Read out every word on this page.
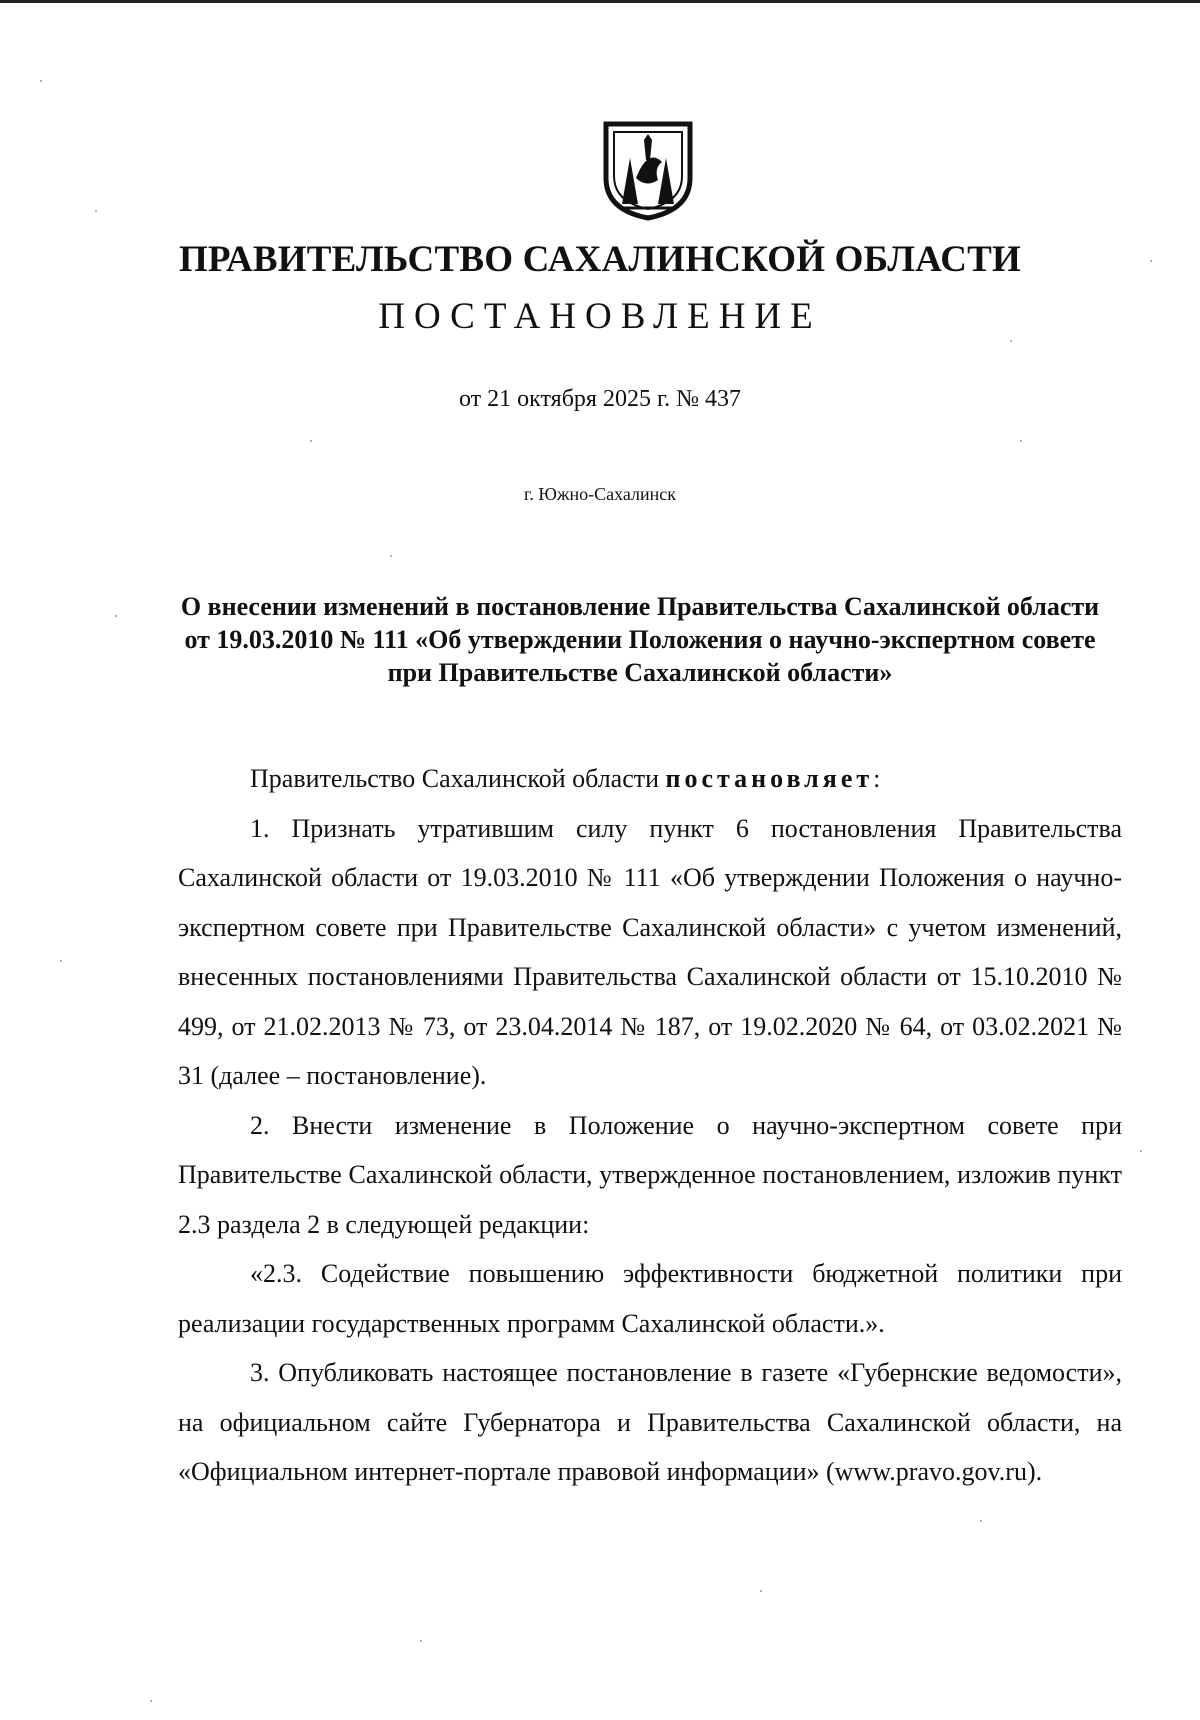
ПРАВИТЕЛЬСТВО САХАЛИНСКОЙ ОБЛАСТИ
ПОСТАНОВЛЕНИЕ
от 21 октября 2025 г. № 437
г. Южно-Сахалинск
О внесении изменений в постановление Правительства Сахалинской области от 19.03.2010 № 111 «Об утверждении Положения о научно-экспертном совете при Правительстве Сахалинской области»

Правительство Сахалинской области постановляет:

1. Признать утратившим силу пункт 6 постановления Правительства Сахалинской области от 19.03.2010 № 111 «Об утверждении Положения о научно-экспертном совете при Правительстве Сахалинской области» с учетом изменений, внесенных постановлениями Правительства Сахалинской области от 15.10.2010 № 499, от 21.02.2013 № 73, от 23.04.2014 № 187, от 19.02.2020 № 64, от 03.02.2021 № 31 (далее – постановление).

2. Внести изменение в Положение о научно-экспертном совете при Правительстве Сахалинской области, утвержденное постановлением, изложив пункт 2.3 раздела 2 в следующей редакции:

«2.3. Содействие повышению эффективности бюджетной политики при реализации государственных программ Сахалинской области.».

3. Опубликовать настоящее постановление в газете «Губернские ведомости», на официальном сайте Губернатора и Правительства Сахалинской области, на «Официальном интернет-портале правовой информации» (www.pravo.gov.ru).
